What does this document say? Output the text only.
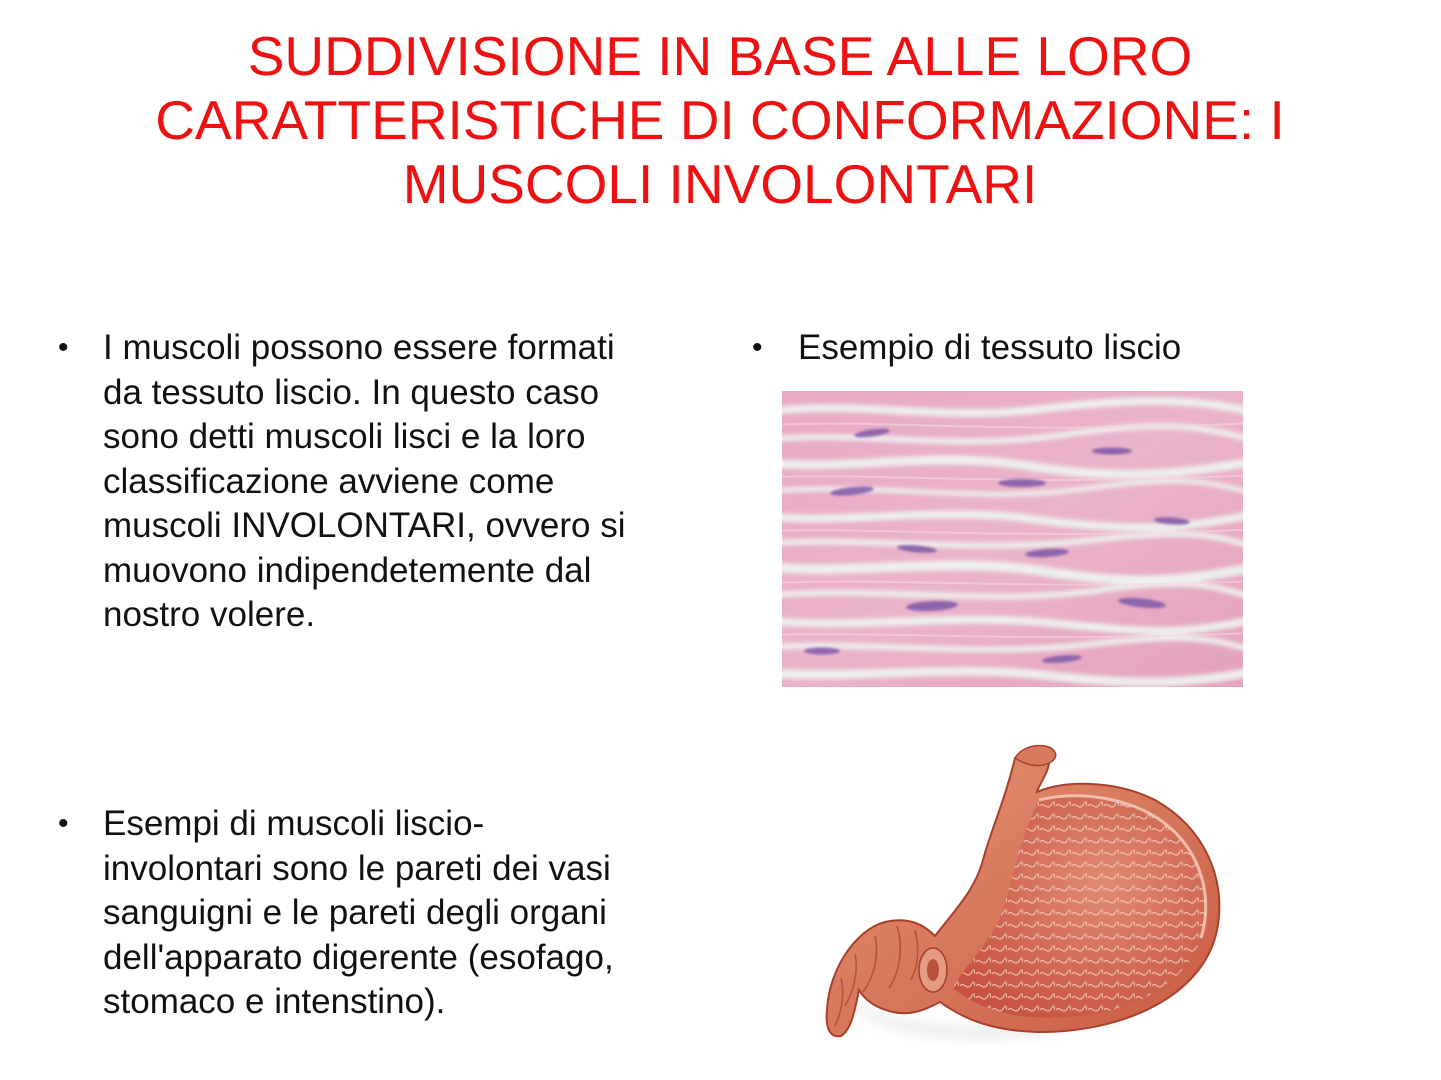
SUDDIVISIONE IN BASE ALLE LORO
CARATTERISTICHE DI CONFORMAZIONE: I
MUSCOLI INVOLONTARI
• I muscoli possono essere formati
da tessuto liscio. In questo caso
sono detti muscoli lisci e la loro
classificazione avviene come
muscoli INVOLONTARI, ovvero si
muovono indipendetemente dal
nostro volere.
• Esempi di muscoli liscio-
involontari sono le pareti dei vasi
sanguigni e le pareti degli organi
dell'apparato digerente (esofago,
stomaco e intenstino).
• Esempio di tessuto liscio
